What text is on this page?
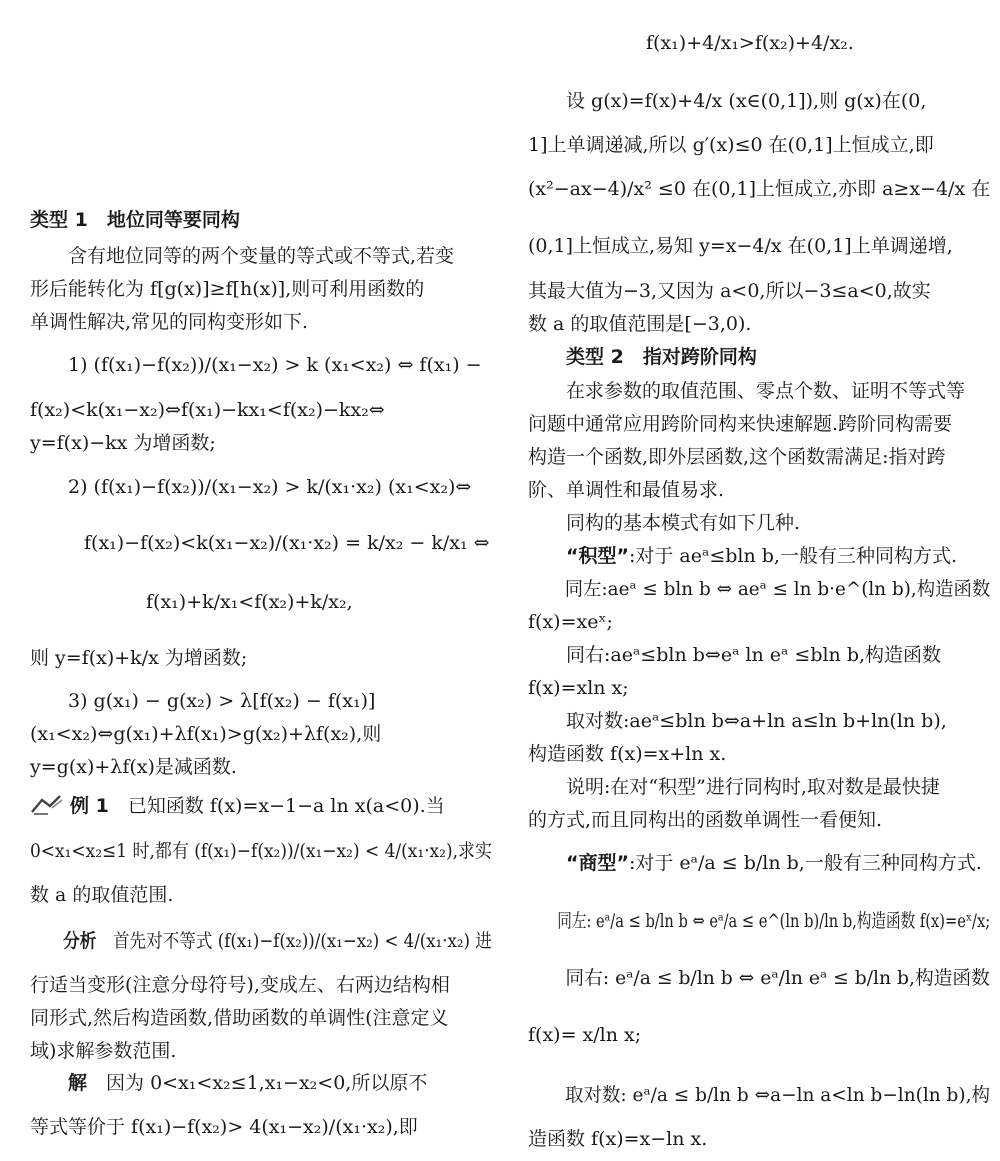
类型 1　地位同等要同构
含有地位同等的两个变量的等式或不等式,若变
形后能转化为 f[g(x)]≥f[h(x)],则可利用函数的
单调性解决,常见的同构变形如下.
1) (f(x₁)−f(x₂))/(x₁−x₂) > k (x₁<x₂) ⇔ f(x₁) −
f(x₂)<k(x₁−x₂)⇔f(x₁)−kx₁<f(x₂)−kx₂⇔
y=f(x)−kx 为增函数;
2) (f(x₁)−f(x₂))/(x₁−x₂) > k/(x₁·x₂) (x₁<x₂)⇔
f(x₁)−f(x₂)<k(x₁−x₂)/(x₁·x₂) = k/x₂ − k/x₁ ⇔
f(x₁)+k/x₁<f(x₂)+k/x₂,
则 y=f(x)+k/x 为增函数;
3) g(x₁) − g(x₂) > λ[f(x₂) − f(x₁)]
(x₁<x₂)⇔g(x₁)+λf(x₁)>g(x₂)+λf(x₂),则
y=g(x)+λf(x)是减函数.
例 1　 已知函数 f(x)=x−1−a ln x(a<0).当
0<x₁<x₂≤1 时,都有 (f(x₁)−f(x₂))/(x₁−x₂) < 4/(x₁·x₂),求实
数 a 的取值范围.
分析　 首先对不等式 (f(x₁)−f(x₂))/(x₁−x₂) < 4/(x₁·x₂) 进
行适当变形(注意分母符号),变成左、右两边结构相
同形式,然后构造函数,借助函数的单调性(注意定义
域)求解参数范围.
解　 因为 0<x₁<x₂≤1,x₁−x₂<0,所以原不
等式等价于 f(x₁)−f(x₂)> 4(x₁−x₂)/(x₁·x₂),即
f(x₁)+4/x₁>f(x₂)+4/x₂.
设 g(x)=f(x)+4/x (x∈(0,1]),则 g(x)在(0,
1]上单调递减,所以 g′(x)≤0 在(0,1]上恒成立,即
(x²−ax−4)/x² ≤0 在(0,1]上恒成立,亦即 a≥x−4/x 在
(0,1]上恒成立,易知 y=x−4/x 在(0,1]上单调递增,
其最大值为−3,又因为 a<0,所以−3≤a<0,故实
数 a 的取值范围是[−3,0).
类型 2　指对跨阶同构
在求参数的取值范围、零点个数、证明不等式等
问题中通常应用跨阶同构来快速解题.跨阶同构需要
构造一个函数,即外层函数,这个函数需满足:指对跨
阶、单调性和最值易求.
同构的基本模式有如下几种.
“积型”:对于 aeᵃ≤bln b,一般有三种同构方式.
同左:aeᵃ ≤ bln b ⇔ aeᵃ ≤ ln b·e^(ln b),构造函数
f(x)=xeˣ;
同右:aeᵃ≤bln b⇔eᵃ ln eᵃ ≤bln b,构造函数
f(x)=xln x;
取对数:aeᵃ≤bln b⇔a+ln a≤ln b+ln(ln b),
构造函数 f(x)=x+ln x.
说明:在对“积型”进行同构时,取对数是最快捷
的方式,而且同构出的函数单调性一看便知.
“商型”:对于 eᵃ/a ≤ b/ln b,一般有三种同构方式.
同左: eᵃ/a ≤ b/ln b ⇔ eᵃ/a ≤ e^(ln b)/ln b,构造函数 f(x)=eˣ/x;
同右: eᵃ/a ≤ b/ln b ⇔ eᵃ/ln eᵃ ≤ b/ln b,构造函数
f(x)= x/ln x;
取对数: eᵃ/a ≤ b/ln b ⇔a−ln a<ln b−ln(ln b),构
造函数 f(x)=x−ln x.
